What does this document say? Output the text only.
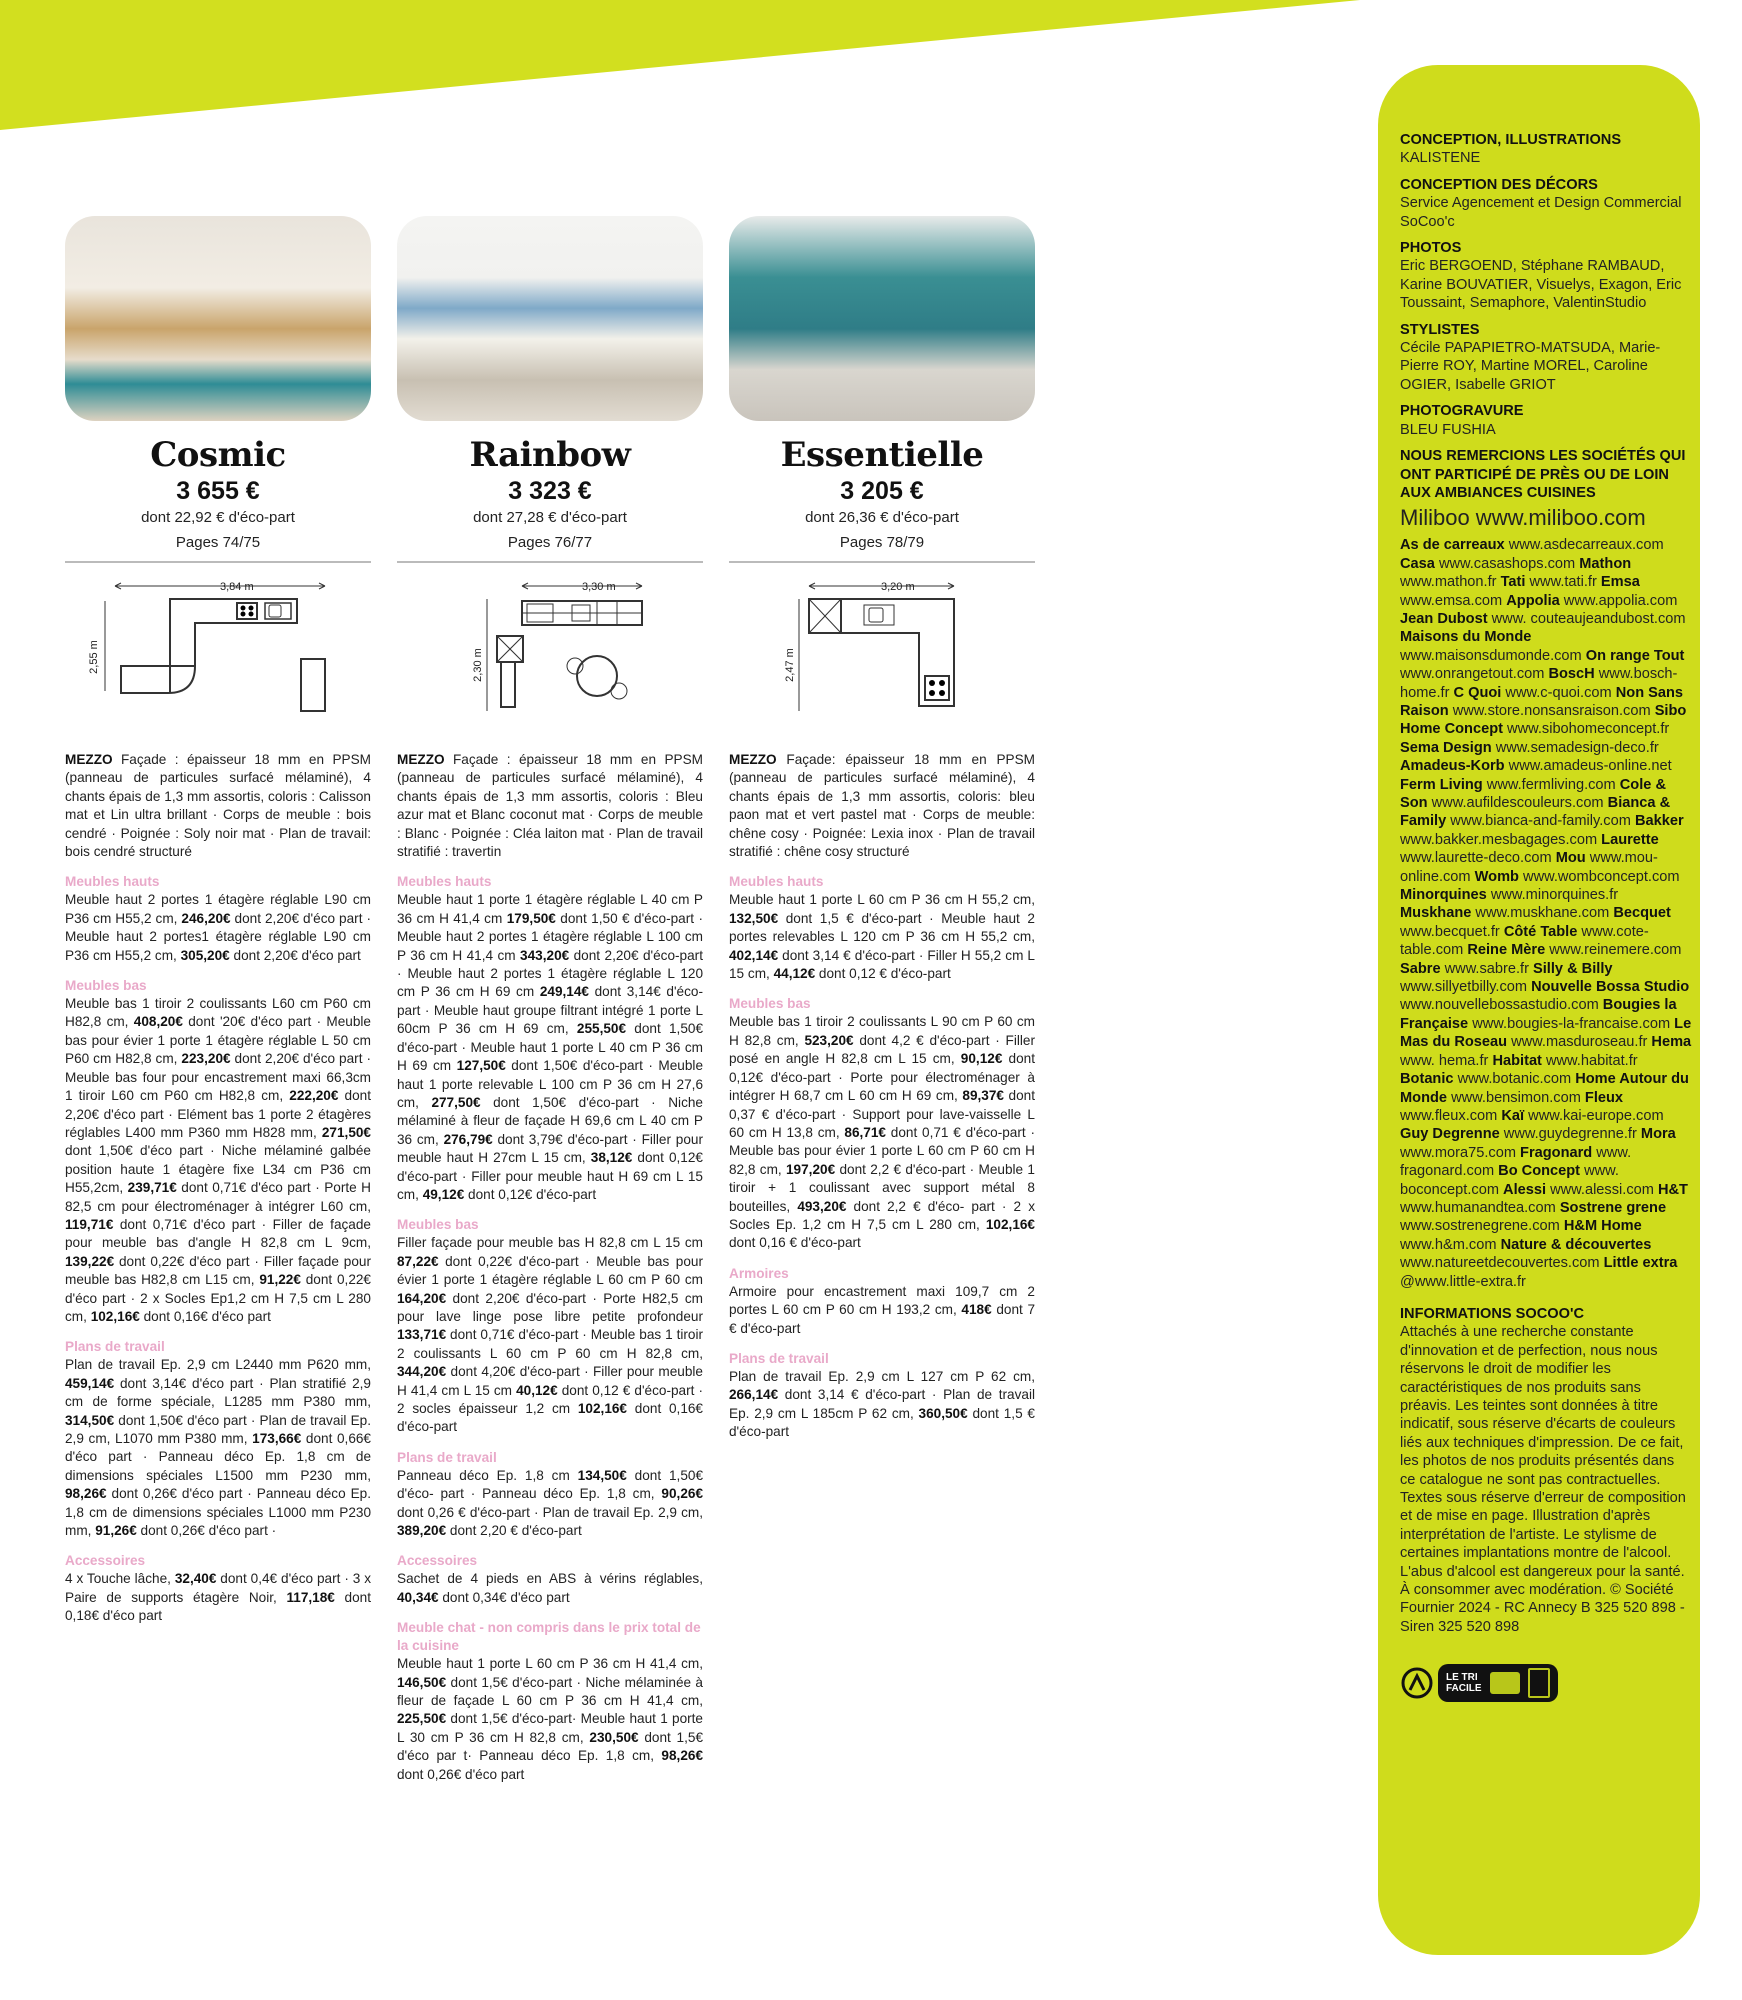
Cosmic
3 655 €
dont 22,92 € d'éco-part
Pages 74/75
3,84 m
2,55 m
MEZZO Façade : épaisseur 18 mm en PPSM (panneau de particules surfacé mélaminé), 4 chants épais de 1,3 mm assortis, coloris : Calisson mat et Lin ultra brillant · Corps de meuble : bois cendré · Poignée : Soly noir mat · Plan de travail: bois cendré structuré
Meubles hauts
Meuble haut 2 portes 1 étagère réglable L90 cm P36 cm H55,2 cm, 246,20€ dont 2,20€ d'éco part · Meuble haut 2 portes1 étagère réglable L90 cm P36 cm H55,2 cm, 305,20€ dont 2,20€ d'éco part
Meubles bas
Meuble bas 1 tiroir 2 coulissants L60 cm P60 cm H82,8 cm, 408,20€ dont '20€ d'éco part · Meuble bas pour évier 1 porte 1 étagère réglable L 50 cm P60 cm H82,8 cm, 223,20€ dont 2,20€ d'éco part · Meuble bas four pour encastrement maxi 66,3cm 1 tiroir L60 cm P60 cm H82,8 cm, 222,20€ dont 2,20€ d'éco part · Elément bas 1 porte 2 étagères réglables L400 mm P360 mm H828 mm, 271,50€ dont 1,50€ d'éco part · Niche mélaminé galbée position haute 1 étagère fixe L34 cm P36 cm H55,2cm, 239,71€ dont 0,71€ d'éco part · Porte H 82,5 cm pour électroménager à intégrer L60 cm, 119,71€ dont 0,71€ d'éco part · Filler de façade pour meuble bas d'angle H 82,8 cm L 9cm, 139,22€ dont 0,22€ d'éco part · Filler façade pour meuble bas H82,8 cm L15 cm, 91,22€ dont 0,22€ d'éco part · 2 x Socles Ep1,2 cm H 7,5 cm L 280 cm, 102,16€ dont 0,16€ d'éco part
Plans de travail
Plan de travail Ep. 2,9 cm L2440 mm P620 mm, 459,14€ dont 3,14€ d'éco part · Plan stratifié 2,9 cm de forme spéciale, L1285 mm P380 mm, 314,50€ dont 1,50€ d'éco part · Plan de travail Ep. 2,9 cm, L1070 mm P380 mm, 173,66€ dont 0,66€ d'éco part · Panneau déco Ep. 1,8 cm de dimensions spéciales L1500 mm P230 mm, 98,26€ dont 0,26€ d'éco part · Panneau déco Ep. 1,8 cm de dimensions spéciales L1000 mm P230 mm, 91,26€ dont 0,26€ d'éco part ·
Accessoires
4 x Touche lâche, 32,40€ dont 0,4€ d'éco part · 3 x Paire de supports étagère Noir, 117,18€ dont 0,18€ d'éco part
Rainbow
3 323 €
dont 27,28 € d'éco-part
Pages 76/77
3,30 m
2,30 m
MEZZO Façade : épaisseur 18 mm en PPSM (panneau de particules surfacé mélaminé), 4 chants épais de 1,3 mm assortis, coloris : Bleu azur mat et Blanc coconut mat · Corps de meuble : Blanc · Poignée : Cléa laiton mat · Plan de travail stratifié : travertin
Meubles hauts
Meuble haut 1 porte 1 étagère réglable L 40 cm P 36 cm H 41,4 cm 179,50€ dont 1,50 € d'éco-part · Meuble haut 2 portes 1 étagère réglable L 100 cm P 36 cm H 41,4 cm 343,20€ dont 2,20€ d'éco-part · Meuble haut 2 portes 1 étagère réglable L 120 cm P 36 cm H 69 cm 249,14€ dont 3,14€ d'éco-part · Meuble haut groupe filtrant intégré 1 porte L 60cm P 36 cm H 69 cm, 255,50€ dont 1,50€ d'éco-part · Meuble haut 1 porte L 40 cm P 36 cm H 69 cm 127,50€ dont 1,50€ d'éco-part · Meuble haut 1 porte relevable L 100 cm P 36 cm H 27,6 cm, 277,50€ dont 1,50€ d'éco-part · Niche mélaminé à fleur de façade H 69,6 cm L 40 cm P 36 cm, 276,79€ dont 3,79€ d'éco-part · Filler pour meuble haut H 27cm L 15 cm, 38,12€ dont 0,12€ d'éco-part · Filler pour meuble haut H 69 cm L 15 cm, 49,12€ dont 0,12€ d'éco-part
Meubles bas
Filler façade pour meuble bas H 82,8 cm L 15 cm 87,22€ dont 0,22€ d'éco-part · Meuble bas pour évier 1 porte 1 étagère réglable L 60 cm P 60 cm 164,20€ dont 2,20€ d'éco-part · Porte H82,5 cm pour lave linge pose libre petite profondeur 133,71€ dont 0,71€ d'éco-part · Meuble bas 1 tiroir 2 coulissants L 60 cm P 60 cm H 82,8 cm, 344,20€ dont 4,20€ d'éco-part · Filler pour meuble H 41,4 cm L 15 cm 40,12€ dont 0,12 € d'éco-part · 2 socles épaisseur 1,2 cm 102,16€ dont 0,16€ d'éco-part
Plans de travail
Panneau déco Ep. 1,8 cm 134,50€ dont 1,50€ d'éco- part · Panneau déco Ep. 1,8 cm, 90,26€ dont 0,26 € d'éco-part · Plan de travail Ep. 2,9 cm, 389,20€ dont 2,20 € d'éco-part
Accessoires
Sachet de 4 pieds en ABS à vérins réglables, 40,34€ dont 0,34€ d'éco part
Meuble chat - non compris dans le prix total de la cuisine
Meuble haut 1 porte L 60 cm P 36 cm H 41,4 cm, 146,50€ dont 1,5€ d'éco-part · Niche mélaminée à fleur de façade L 60 cm P 36 cm H 41,4 cm, 225,50€ dont 1,5€ d'éco-part· Meuble haut 1 porte L 30 cm P 36 cm H 82,8 cm, 230,50€ dont 1,5€ d'éco par t· Panneau déco Ep. 1,8 cm, 98,26€ dont 0,26€ d'éco part
Essentielle
3 205 €
dont 26,36 € d'éco-part
Pages 78/79
3,20 m
2,47 m
MEZZO Façade: épaisseur 18 mm en PPSM (panneau de particules surfacé mélaminé), 4 chants épais de 1,3 mm assortis, coloris: bleu paon mat et vert pastel mat · Corps de meuble: chêne cosy · Poignée: Lexia inox · Plan de travail stratifié : chêne cosy structuré
Meubles hauts
Meuble haut 1 porte L 60 cm P 36 cm H 55,2 cm, 132,50€ dont 1,5 € d'éco-part · Meuble haut 2 portes relevables L 120 cm P 36 cm H 55,2 cm, 402,14€ dont 3,14 € d'éco-part · Filler H 55,2 cm L 15 cm, 44,12€ dont 0,12 € d'éco-part
Meubles bas
Meuble bas 1 tiroir 2 coulissants L 90 cm P 60 cm H 82,8 cm, 523,20€ dont 4,2 € d'éco-part · Filler posé en angle H 82,8 cm L 15 cm, 90,12€ dont 0,12€ d'éco-part · Porte pour électroménager à intégrer H 68,7 cm L 60 cm H 69 cm, 89,37€ dont 0,37 € d'éco-part · Support pour lave-vaisselle L 60 cm H 13,8 cm, 86,71€ dont 0,71 € d'éco-part · Meuble bas pour évier 1 porte L 60 cm P 60 cm H 82,8 cm, 197,20€ dont 2,2 € d'éco-part · Meuble 1 tiroir + 1 coulissant avec support métal 8 bouteilles, 493,20€ dont 2,2 € d'éco- part · 2 x Socles Ep. 1,2 cm H 7,5 cm L 280 cm, 102,16€ dont 0,16 € d'éco-part
Armoires
Armoire pour encastrement maxi 109,7 cm 2 portes L 60 cm P 60 cm H 193,2 cm, 418€ dont 7 € d'éco-part
Plans de travail
Plan de travail Ep. 2,9 cm L 127 cm P 62 cm, 266,14€ dont 3,14 € d'éco-part · Plan de travail Ep. 2,9 cm L 185cm P 62 cm, 360,50€ dont 1,5 € d'éco-part
CONCEPTION, ILLUSTRATIONS
KALISTENE
CONCEPTION DES DÉCORS
Service Agencement et Design Commercial SoCoo'c
PHOTOS
Eric BERGOEND, Stéphane RAMBAUD, Karine BOUVATIER, Visuelys, Exagon, Eric Toussaint, Semaphore, ValentinStudio
STYLISTES
Cécile PAPAPIETRO-MATSUDA, Marie-Pierre ROY, Martine MOREL, Caroline OGIER, Isabelle GRIOT
PHOTOGRAVURE
BLEU FUSHIA
NOUS REMERCIONS LES SOCIÉTÉS QUI ONT PARTICIPÉ DE PRÈS OU DE LOIN AUX AMBIANCES CUISINES
Miliboo www.miliboo.com
As de carreaux www.asdecarreaux.com Casa www.casashops.com Mathon www.mathon.fr Tati www.tati.fr Emsa www.emsa.com Appolia www.appolia.com Jean Dubost www. couteaujeandubost.com Maisons du Monde www.maisonsdumonde.com On range Tout www.onrangetout.com BoscH www.bosch-home.fr C Quoi www.c-quoi.com Non Sans Raison www.store.nonsansraison.com Sibo Home Concept www.sibohomeconcept.fr Sema Design www.semadesign-deco.fr Amadeus-Korb www.amadeus-online.net Ferm Living www.fermliving.com Cole & Son www.aufildescouleurs.com Bianca & Family www.bianca-and-family.com Bakker www.bakker.mesbagages.com Laurette www.laurette-deco.com Mou www.mou-online.com Womb www.wombconcept.com Minorquines www.minorquines.fr Muskhane www.muskhane.com Becquet www.becquet.fr Côté Table www.cote-table.com Reine Mère www.reinemere.com Sabre www.sabre.fr Silly & Billy www.sillyetbilly.com Nouvelle Bossa Studio www.nouvellebossastudio.com Bougies la Française www.bougies-la-francaise.com Le Mas du Roseau www.masduroseau.fr Hema www. hema.fr Habitat www.habitat.fr Botanic www.botanic.com Home Autour du Monde www.bensimon.com Fleux www.fleux.com Kaï www.kai-europe.com Guy Degrenne www.guydegrenne.fr Mora www.mora75.com Fragonard www. fragonard.com Bo Concept www. boconcept.com Alessi www.alessi.com H&T www.humanandtea.com Sostrene grene www.sostrenegrene.com H&M Home www.h&m.com Nature & découvertes www.natureetdecouvertes.com Little extra @www.little-extra.fr
INFORMATIONS SOCOO'C
Attachés à une recherche constante d'innovation et de perfection, nous nous réservons le droit de modifier les caractéristiques de nos produits sans préavis. Les teintes sont données à titre indicatif, sous réserve d'écarts de couleurs liés aux techniques d'impression. De ce fait, les photos de nos produits présentés dans ce catalogue ne sont pas contractuelles. Textes sous réserve d'erreur de composition et de mise en page. Illustration d'après interprétation de l'artiste. Le stylisme de certaines implantations montre de l'alcool. L'abus d'alcool est dangereux pour la santé. À consommer avec modération. © Société Fournier 2024 - RC Annecy B 325 520 898 - Siren 325 520 898
LE TRI
FACILE
